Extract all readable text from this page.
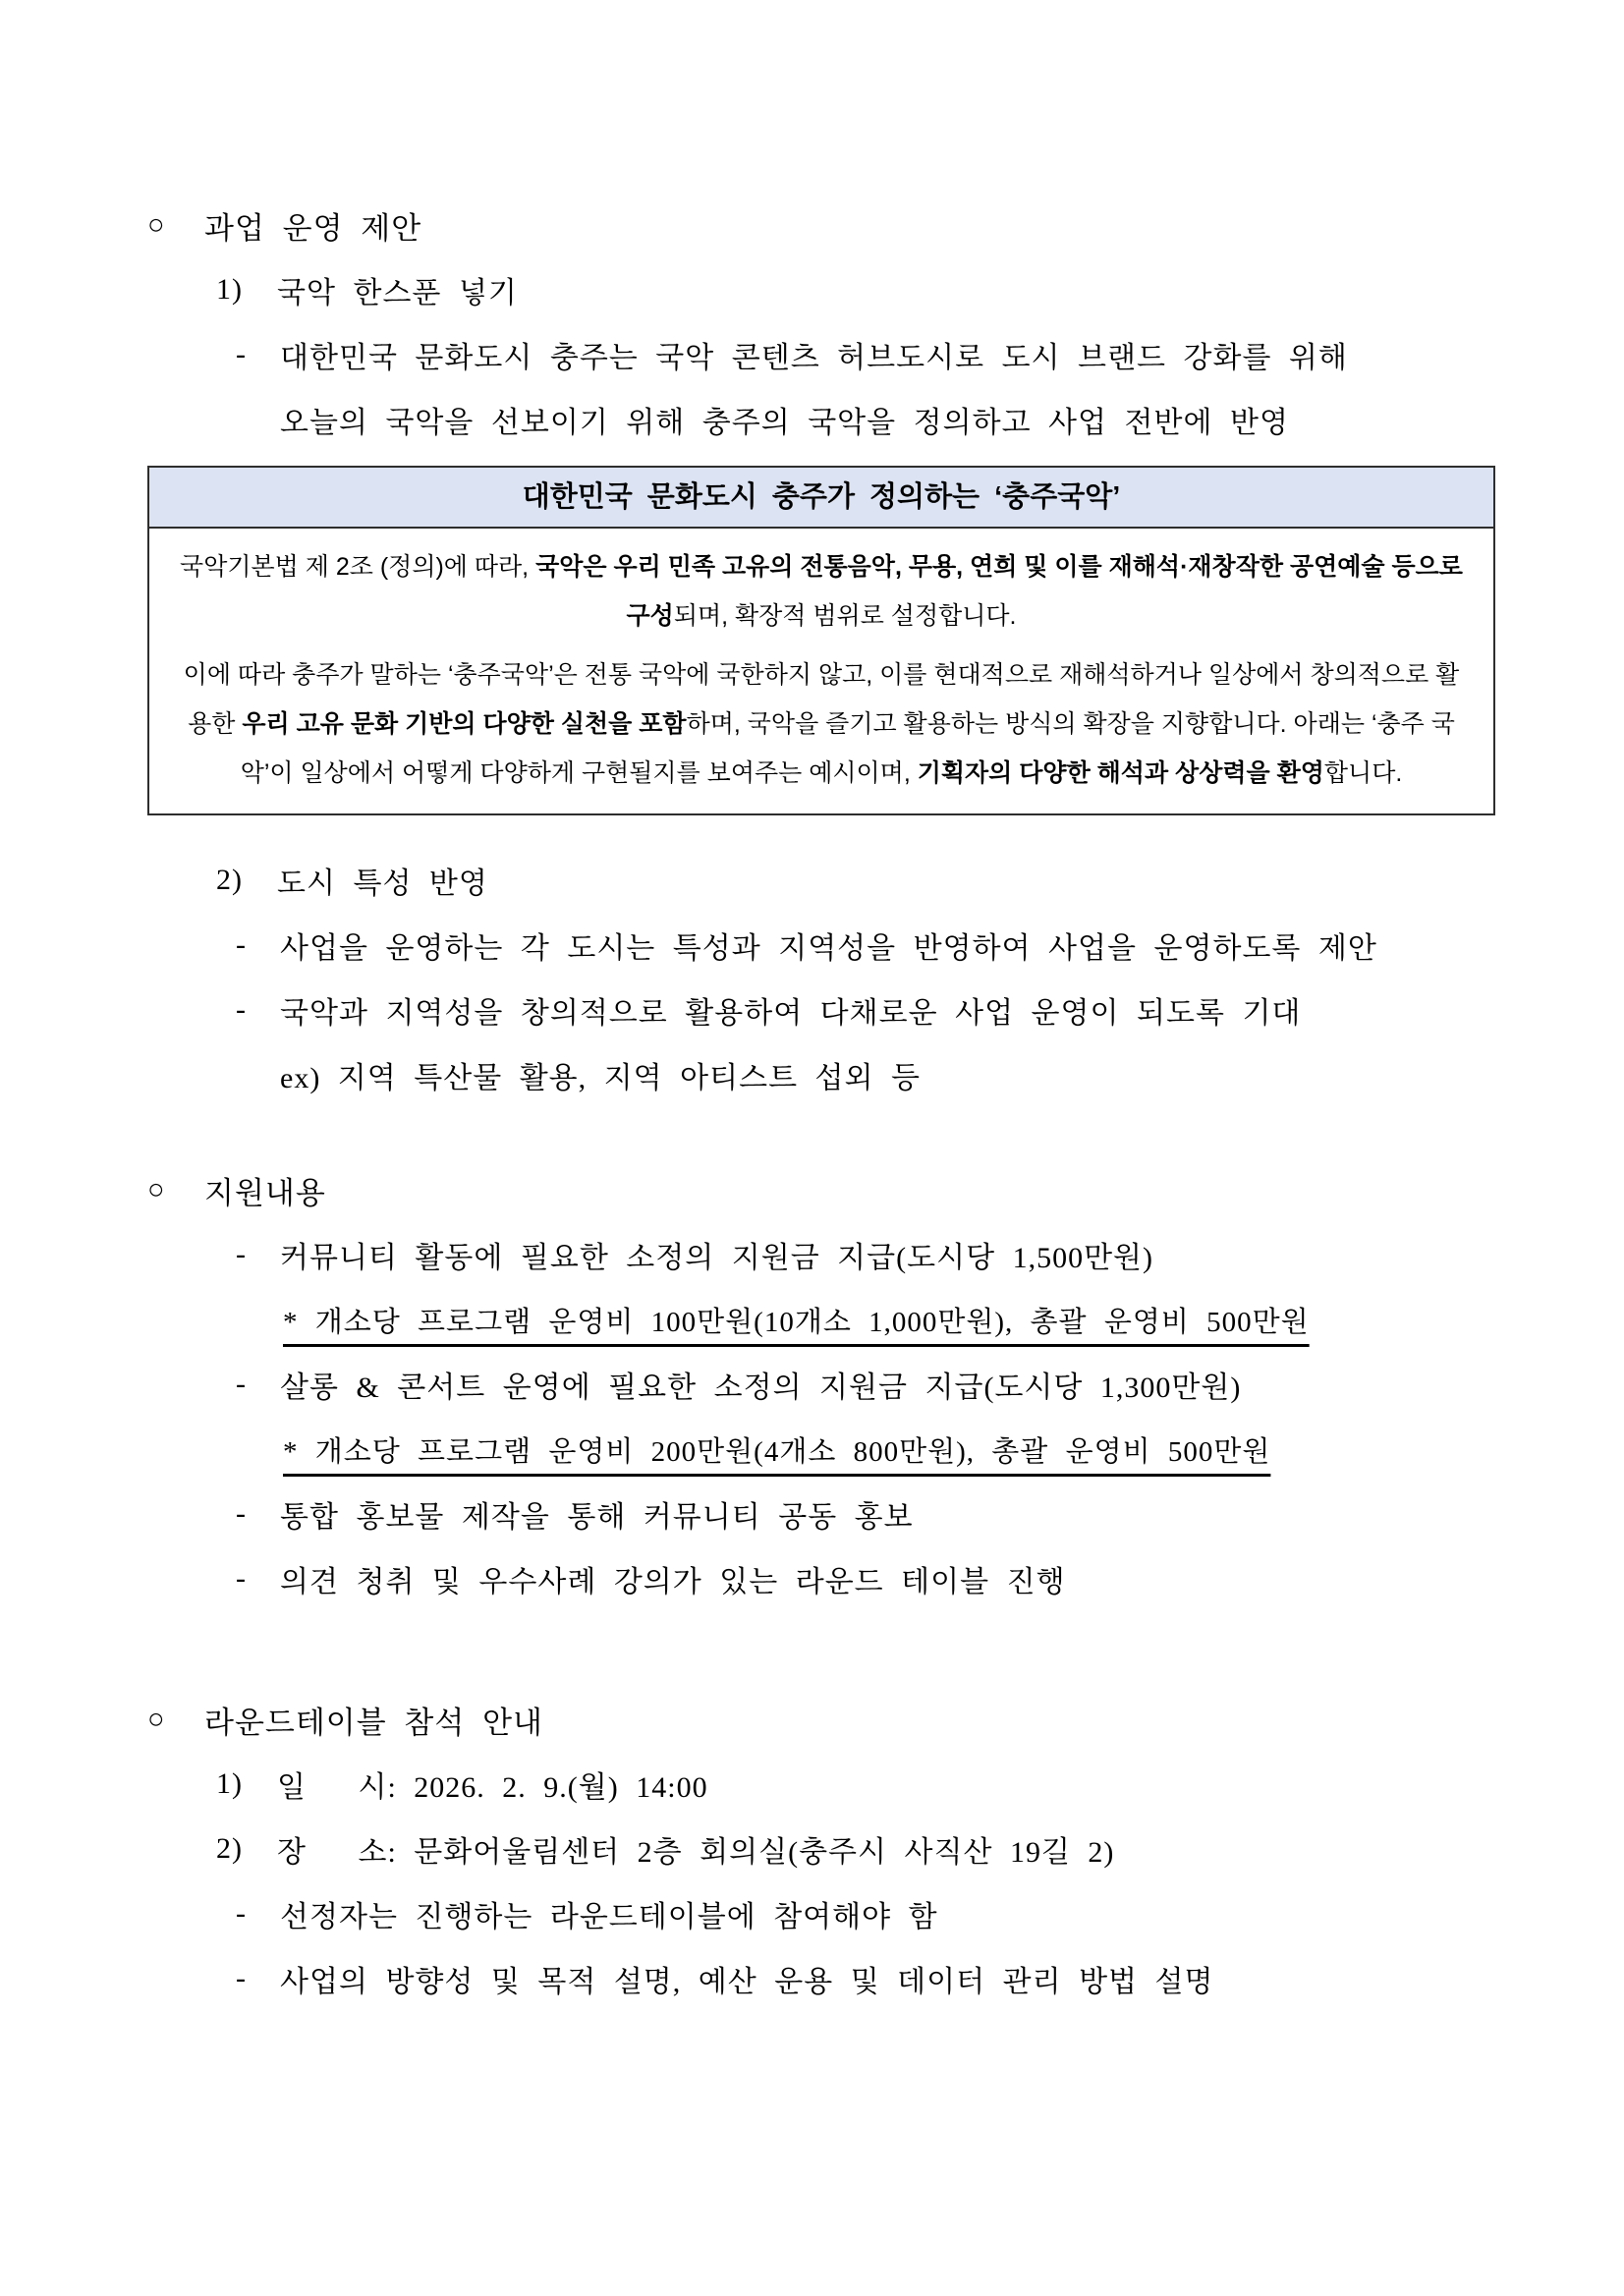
○	과업 운영 제안
1)	국악 한스푼 넣기
-	대한민국 문화도시 충주는 국악 콘텐츠 허브도시로 도시 브랜드 강화를 위해
오늘의 국악을 선보이기 위해 충주의 국악을 정의하고 사업 전반에 반영
대한민국 문화도시 충주가 정의하는 ‘충주국악’

국악기본법 제 2조 (정의)에 따라, 국악은 우리 민족 고유의 전통음악, 무용, 연희 및 이를 재해석·재창작한 공연예술 등으로 구성되며, 확장적 범위로 설정합니다.

이에 따라 충주가 말하는 ‘충주국악’은 전통 국악에 국한하지 않고, 이를 현대적으로 재해석하거나 일상에서 창의적으로 활용한 우리 고유 문화 기반의 다양한 실천을 포함하며, 국악을 즐기고 활용하는 방식의 확장을 지향합니다. 아래는 ‘충주 국악’이 일상에서 어떻게 다양하게 구현될지를 보여주는 예시이며, 기획자의 다양한 해석과 상상력을 환영합니다.

2)	도시 특성 반영
-	사업을 운영하는 각 도시는 특성과 지역성을 반영하여 사업을 운영하도록 제안
-	국악과 지역성을 창의적으로 활용하여 다채로운 사업 운영이 되도록 기대
ex) 지역 특산물 활용, 지역 아티스트 섭외 등
○	지원내용
-	커뮤니티 활동에 필요한 소정의 지원금 지급(도시당 1,500만원)
* 개소당 프로그램 운영비 100만원(10개소 1,000만원), 총괄 운영비 500만원
-	살롱 & 콘서트 운영에 필요한 소정의 지원금 지급(도시당 1,300만원)
* 개소당 프로그램 운영비 200만원(4개소 800만원), 총괄 운영비 500만원
-	통합 홍보물 제작을 통해 커뮤니티 공동 홍보
-	의견 청취 및 우수사례 강의가 있는 라운드 테이블 진행
○	라운드테이블 참석 안내
1)	일   시: 2026. 2. 9.(월) 14:00
2)	장   소: 문화어울림센터 2층 회의실(충주시 사직산 19길 2)
-	선정자는 진행하는 라운드테이블에 참여해야 함
-	사업의 방향성 및 목적 설명, 예산 운용 및 데이터 관리 방법 설명
